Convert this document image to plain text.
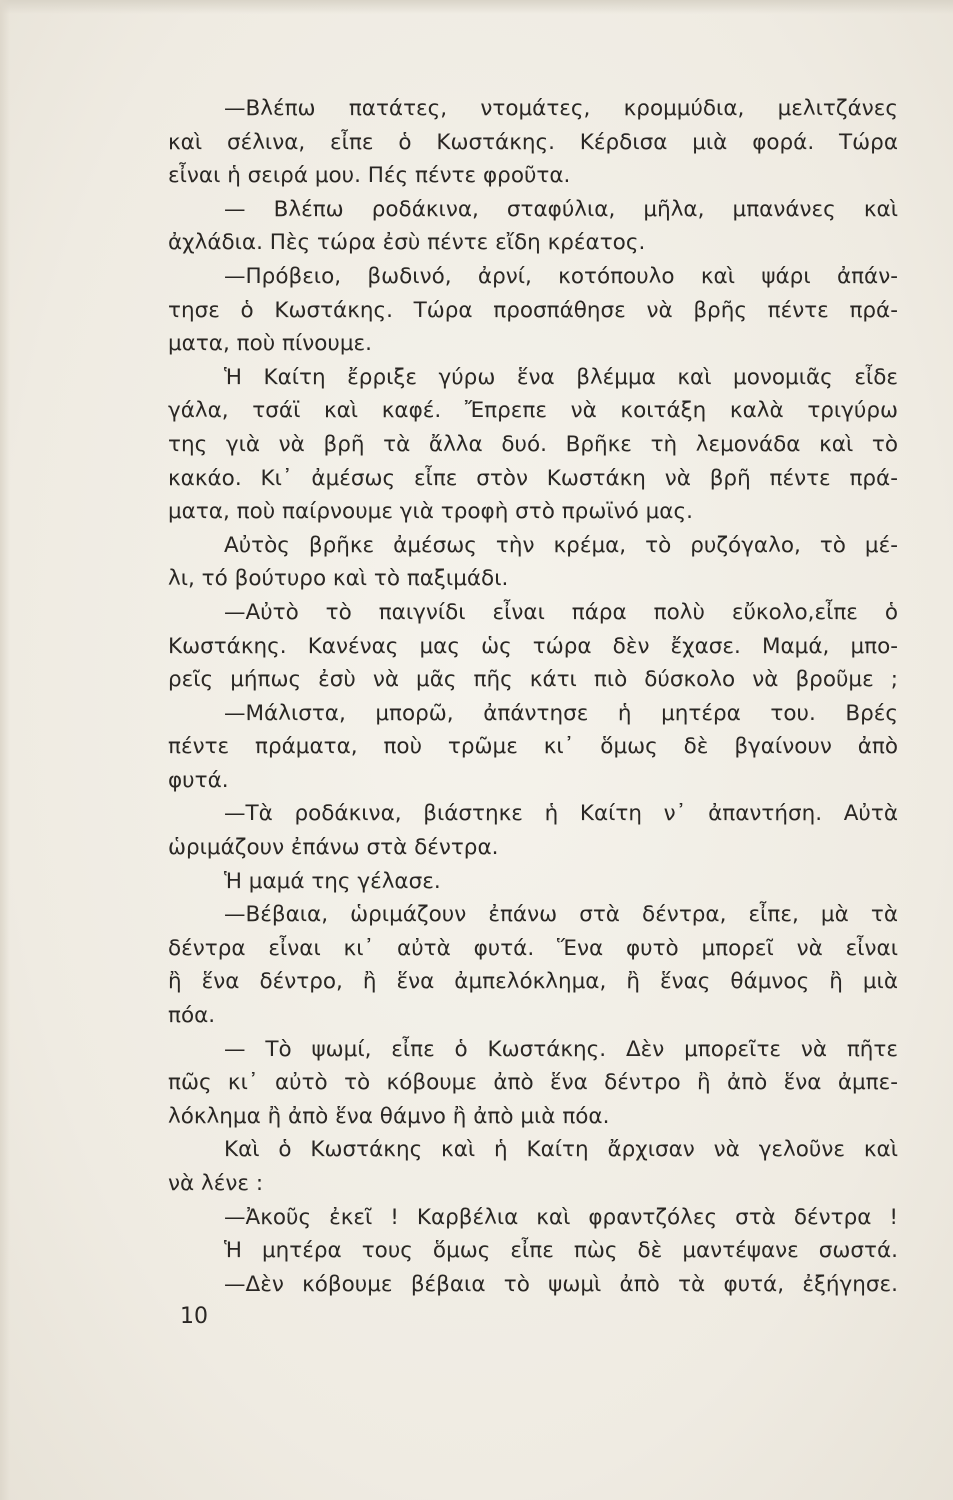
—Βλέπω πατάτες, ντομάτες, κρομμύδια, μελιτζάνες
καὶ σέλινα, εἶπε ὁ Κωστάκης. Κέρδισα μιὰ φορά. Τώρα
εἶναι ἡ σειρά μου. Πές πέντε φροῦτα.
— Βλέπω ροδάκινα, σταφύλια, μῆλα, μπανάνες καὶ
ἀχλάδια. Πὲς τώρα ἐσὺ πέντε εἴδη κρέατος.
—Πρόβειο, βωδινό, ἀρνί, κοτόπουλο καὶ ψάρι ἀπάν-
τησε ὁ Κωστάκης. Τώρα προσπάθησε νὰ βρῆς πέντε πρά-
ματα, ποὺ πίνουμε.
Ἡ Καίτη ἔρριξε γύρω ἕνα βλέμμα καὶ μονομιᾶς εἶδε
γάλα, τσάϊ καὶ καφέ. Ἔπρεπε νὰ κοιτάξη καλὰ τριγύρω
της γιὰ νὰ βρῆ τὰ ἄλλα δυό. Βρῆκε τὴ λεμονάδα καὶ τὸ
κακάο. Κι᾿ ἀμέσως εἶπε στὸν Κωστάκη νὰ βρῆ πέντε πρά-
ματα, ποὺ παίρνουμε γιὰ τροφὴ στὸ πρωϊνό μας.
Αὐτὸς βρῆκε ἀμέσως τὴν κρέμα, τὸ ρυζόγαλο, τὸ μέ-
λι, τό βούτυρο καὶ τὸ παξιμάδι.
—Αὐτὸ τὸ παιγνίδι εἶναι πάρα πολὺ εὔκολο,εἶπε ὁ
Κωστάκης. Κανένας μας ὡς τώρα δὲν ἔχασε. Μαμά, μπο-
ρεῖς μήπως ἐσὺ νὰ μᾶς πῆς κάτι πιὸ δύσκολο νὰ βροῦμε ;
—Μάλιστα, μπορῶ, ἀπάντησε ἡ μητέρα του. Βρές
πέντε πράματα, ποὺ τρῶμε κι᾿ ὅμως δὲ βγαίνουν ἀπὸ
φυτά.
—Τὰ ροδάκινα, βιάστηκε ἡ Καίτη ν᾿ ἀπαντήση. Αὐτὰ
ὡριμάζουν ἐπάνω στὰ δέντρα.
Ἡ μαμά της γέλασε.
—Βέβαια, ὡριμάζουν ἐπάνω στὰ δέντρα, εἶπε, μὰ τὰ
δέντρα εἶναι κι᾿ αὐτὰ φυτά. Ἕνα φυτὸ μπορεῖ νὰ εἶναι
ἢ ἕνα δέντρο, ἢ ἕνα ἀμπελόκλημα, ἢ ἕνας θάμνος ἢ μιὰ
πόα.
— Τὸ ψωμί, εἶπε ὁ Κωστάκης. Δὲν μπορεῖτε νὰ πῆτε
πῶς κι᾿ αὐτὸ τὸ κόβουμε ἀπὸ ἕνα δέντρο ἢ ἀπὸ ἕνα ἀμπε-
λόκλημα ἢ ἀπὸ ἕνα θάμνο ἢ ἀπὸ μιὰ πόα.
Καὶ ὁ Κωστάκης καὶ ἡ Καίτη ἄρχισαν νὰ γελοῦνε καὶ
νὰ λένε :
—Ἀκοῦς ἐκεῖ ! Καρβέλια καὶ φραντζόλες στὰ δέντρα !
Ἡ μητέρα τους ὅμως εἶπε πὼς δὲ μαντέψανε σωστά.
—Δὲν κόβουμε βέβαια τὸ ψωμὶ ἀπὸ τὰ φυτά, ἐξήγησε.
10
